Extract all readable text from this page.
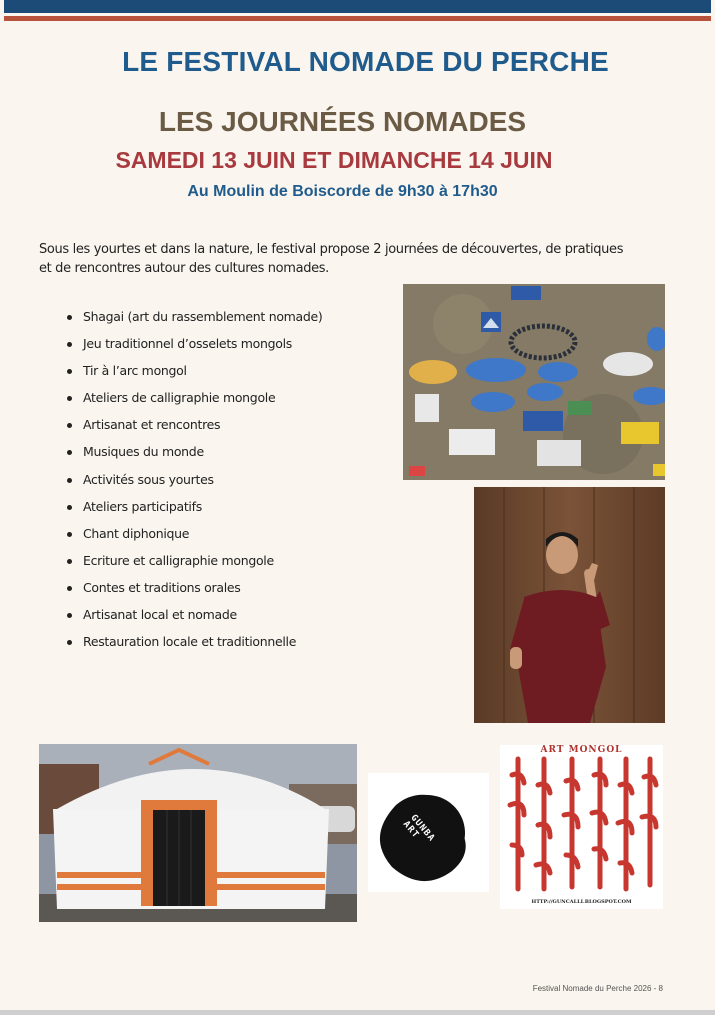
LE FESTIVAL NOMADE DU PERCHE
LES JOURNÉES NOMADES
SAMEDI 13 JUIN ET DIMANCHE 14 JUIN
Au Moulin de Boiscorde de 9h30 à 17h30
Sous les yourtes et dans la nature, le festival propose 2 journées de découvertes, de pratiques et de rencontres autour des cultures nomades.
Shagai (art du rassemblement nomade)
Jeu traditionnel d’osselets mongols
Tir à l’arc mongol
Ateliers de calligraphie mongole
Artisanat et rencontres
Musiques du monde
Activités sous yourtes
Ateliers participatifs
Chant diphonique
Ecriture et calligraphie mongole
Contes et traditions orales
Artisanat local et nomade
Restauration locale et traditionnelle
GUNBA ART
ART MONGOL
HTTP://GUNCALLI.BLOGSPOT.COM
Festival Nomade du Perche 2026 - 8
